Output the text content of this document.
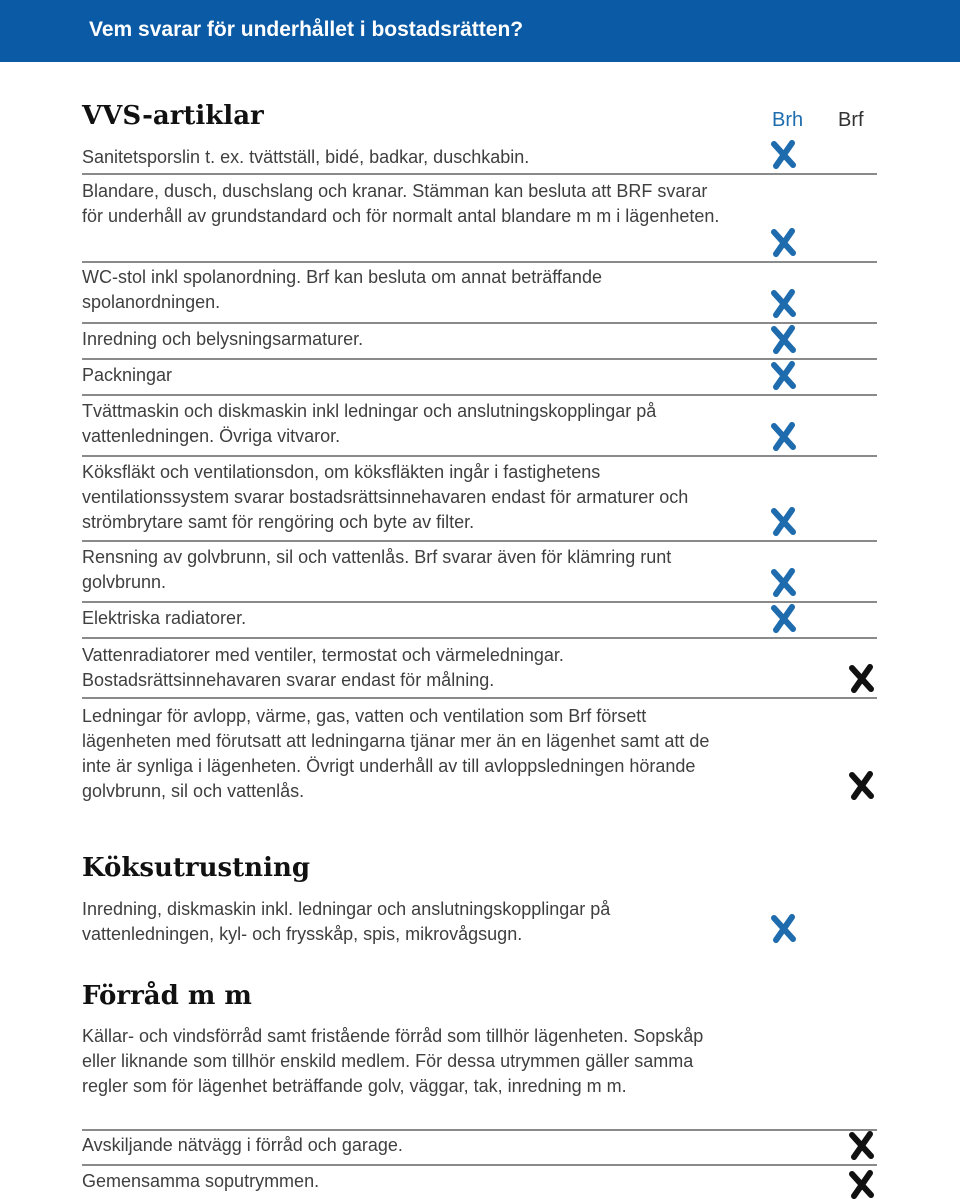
Vem svarar för underhållet i bostadsrätten?
VVS-artiklar	Brh Brf
Sanitetsporslin t. ex. tvättställ, bidé, badkar, duschkabin.
Blandare, dusch, duschslang och kranar. Stämman kan besluta att BRF svarar för underhåll av grundstandard och för normalt antal blandare m m i lägenheten.
WC-stol inkl spolanordning. Brf kan besluta om annat beträffande spolanordningen.
Inredning och belysningsarmaturer.
Packningar
Tvättmaskin och diskmaskin inkl ledningar och anslutningskopplingar på vattenledningen. Övriga vitvaror.
Köksfläkt och ventilationsdon, om köksfläkten ingår i fastighetens ventilationssystem svarar bostadsrättsinnehavaren endast för armaturer och strömbrytare samt för rengöring och byte av filter.
Rensning av golvbrunn, sil och vattenlås. Brf svarar även för klämring runt golvbrunn.
Elektriska radiatorer.
Vattenradiatorer med ventiler, termostat och värmeledningar. Bostadsrättsinnehavaren svarar endast för målning.
Ledningar för avlopp, värme, gas, vatten och ventilation som Brf försett lägenheten med förutsatt att ledningarna tjänar mer än en lägenhet samt att de inte är synliga i lägenheten. Övrigt underhåll av till avloppsledningen hörande golvbrunn, sil och vattenlås.
Köksutrustning
Inredning, diskmaskin inkl. ledningar och anslutningskopplingar på vattenledningen, kyl- och frysskåp, spis, mikrovågsugn.
Förråd m m
Källar- och vindsförråd samt fristående förråd som tillhör lägenheten. Sopskåp eller liknande som tillhör enskild medlem. För dessa utrymmen gäller samma regler som för lägenhet beträffande golv, väggar, tak, inredning m m.
Avskiljande nätvägg i förråd och garage.
Gemensamma soputrymmen.
